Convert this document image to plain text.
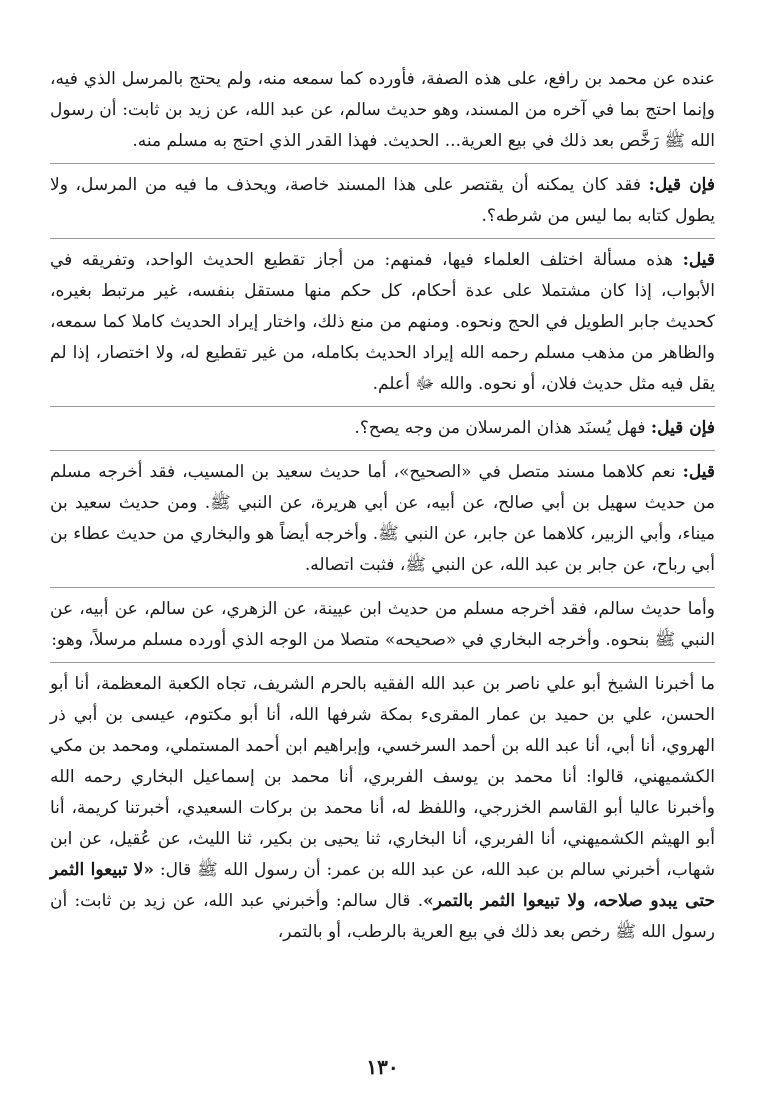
عنده عن محمد بن رافع، على هذه الصفة، فأورده كما سمعه منه، ولم يحتج بالمرسل الذي فيه، وإنما احتج بما في آخره من المسند، وهو حديث سالم، عن عبد الله، عن زيد بن ثابت: أن رسول الله ﷺ رَخَّص بعد ذلك في بيع العرية... الحديث. فهذا القدر الذي احتج به مسلم منه.

فإن قيل: فقد كان يمكنه أن يقتصر على هذا المسند خاصة، ويحذف ما فيه من المرسل، ولا يطول كتابه بما ليس من شرطه؟.

قيل: هذه مسألة اختلف العلماء فيها، فمنهم: من أجاز تقطيع الحديث الواحد، وتفريقه في الأبواب، إذا كان مشتملا على عدة أحكام، كل حكم منها مستقل بنفسه، غير مرتبط بغيره، كحديث جابر الطويل في الحج ونحوه. ومنهم من منع ذلك، واختار إيراد الحديث كاملا كما سمعه، والظاهر من مذهب مسلم رحمه الله إيراد الحديث بكامله، من غير تقطيع له، ولا اختصار، إذا لم يقل فيه مثل حديث فلان، أو نحوه. والله ﷻ أعلم.

فإن قيل: فهل يُسنَد هذان المرسلان من وجه يصح؟.

قيل: نعم كلاهما مسند متصل في «الصحيح»، أما حديث سعيد بن المسيب، فقد أخرجه مسلم من حديث سهيل بن أبي صالح، عن أبيه، عن أبي هريرة، عن النبي ﷺ. ومن حديث سعيد بن ميناء، وأبي الزبير، كلاهما عن جابر، عن النبي ﷺ. وأخرجه أيضاً هو والبخاري من حديث عطاء بن أبي رباح، عن جابر بن عبد الله، عن النبي ﷺ، فثبت اتصاله.

وأما حديث سالم، فقد أخرجه مسلم من حديث ابن عيينة، عن الزهري، عن سالم، عن أبيه، عن النبي ﷺ بنحوه. وأخرجه البخاري في «صحيحه» متصلا من الوجه الذي أورده مسلم مرسلاً، وهو:

ما أخبرنا الشيخ أبو علي ناصر بن عبد الله الفقيه بالحرم الشريف، تجاه الكعبة المعظمة، أنا أبو الحسن، علي بن حميد بن عمار المقرىء بمكة شرفها الله، أنا أبو مكتوم، عيسى بن أبي ذر الهروي، أنا أبي، أنا عبد الله بن أحمد السرخسي، وإبراهيم ابن أحمد المستملي، ومحمد بن مكي الكشميهني، قالوا: أنا محمد بن يوسف الفربري، أنا محمد بن إسماعيل البخاري رحمه الله وأخبرنا عاليا أبو القاسم الخزرجي، واللفظ له، أنا محمد بن بركات السعيدي، أخبرتنا كريمة، أنا أبو الهيثم الكشميهني، أنا الفربري، أنا البخاري، ثنا يحيى بن بكير، ثنا الليث، عن عُقيل، عن ابن شهاب، أخبرني سالم بن عبد الله، عن عبد الله بن عمر: أن رسول الله ﷺ قال: «لا تبيعوا الثمر حتى يبدو صلاحه، ولا تبيعوا الثمر بالتمر». قال سالم: وأخبرني عبد الله، عن زيد بن ثابت: أن رسول الله ﷺ رخص بعد ذلك في بيع العرية بالرطب، أو بالتمر،

١٣٠
